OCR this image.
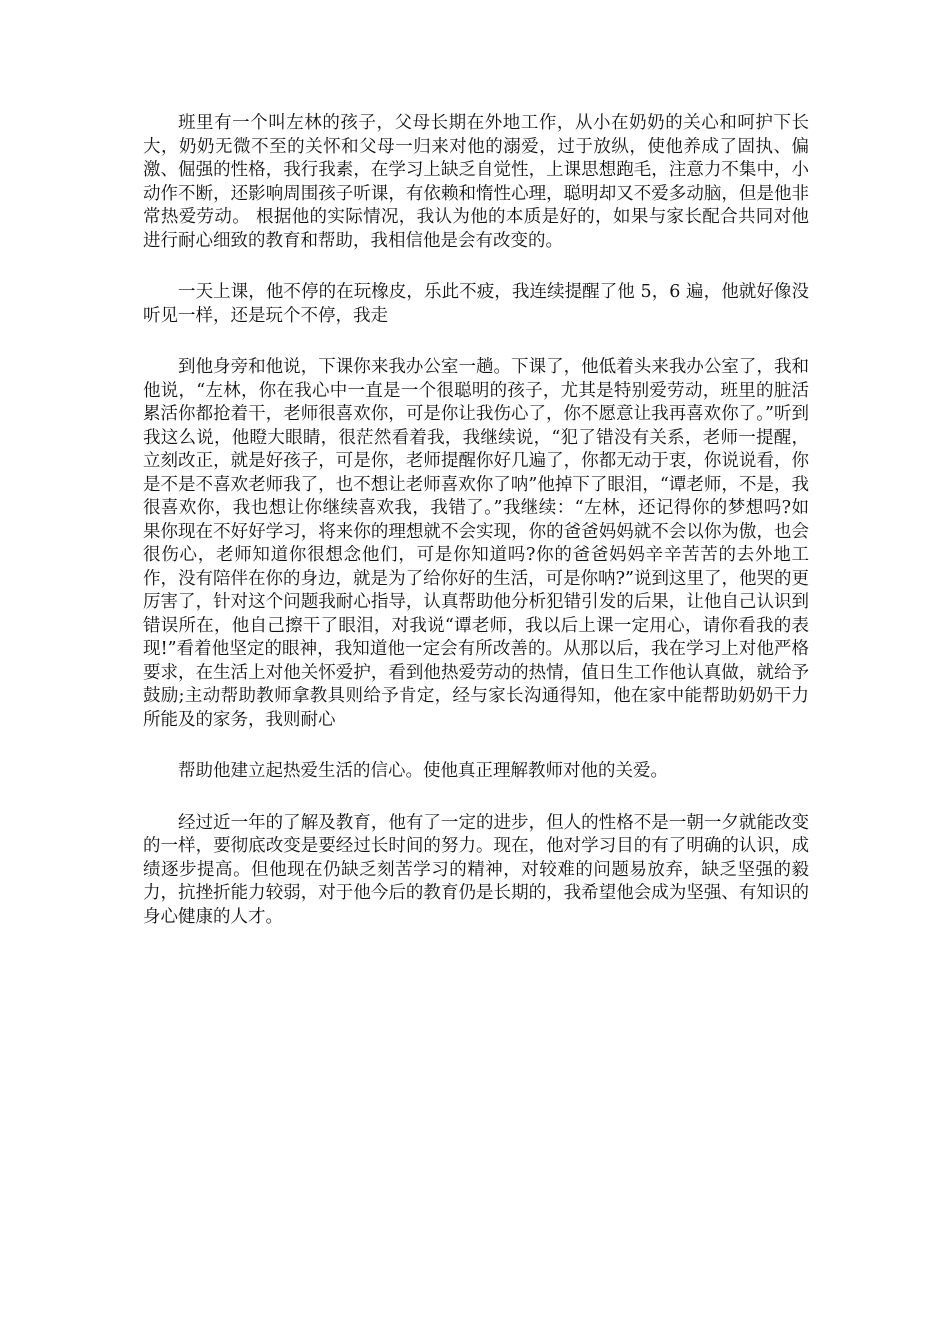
班里有一个叫左林的孩子，父母长期在外地工作，从小在奶奶的关心和呵护下长大，奶奶无微不至的关怀和父母一归来对他的溺爱，过于放纵，使他养成了固执、偏激、倔强的性格，我行我素，在学习上缺乏自觉性，上课思想跑毛，注意力不集中，小动作不断，还影响周围孩子听课，有依赖和惰性心理，聪明却又不爱多动脑，但是他非常热爱劳动。 根据他的实际情况，我认为他的本质是好的，如果与家长配合共同对他进行耐心细致的教育和帮助，我相信他是会有改变的。

一天上课，他不停的在玩橡皮，乐此不疲，我连续提醒了他 5，6 遍，他就好像没听见一样，还是玩个不停，我走

到他身旁和他说，下课你来我办公室一趟。下课了，他低着头来我办公室了，我和他说，“左林，你在我心中一直是一个很聪明的孩子，尤其是特别爱劳动，班里的脏活累活你都抢着干，老师很喜欢你，可是你让我伤心了，你不愿意让我再喜欢你了。”听到我这么说，他瞪大眼睛，很茫然看着我，我继续说，“犯了错没有关系，老师一提醒，立刻改正，就是好孩子，可是你，老师提醒你好几遍了，你都无动于衷，你说说看，你是不是不喜欢老师我了，也不想让老师喜欢你了呐”他掉下了眼泪，“谭老师，不是，我很喜欢你，我也想让你继续喜欢我，我错了。”我继续：“左林，还记得你的梦想吗?如果你现在不好好学习，将来你的理想就不会实现，你的爸爸妈妈就不会以你为傲，也会很伤心，老师知道你很想念他们，可是你知道吗?你的爸爸妈妈辛辛苦苦的去外地工作，没有陪伴在你的身边，就是为了给你好的生活，可是你呐?”说到这里了，他哭的更厉害了，针对这个问题我耐心指导，认真帮助他分析犯错引发的后果，让他自己认识到错误所在，他自己擦干了眼泪，对我说“谭老师，我以后上课一定用心，请你看我的表现!”看着他坚定的眼神，我知道他一定会有所改善的。从那以后，我在学习上对他严格要求，在生活上对他关怀爱护，看到他热爱劳动的热情，值日生工作他认真做，就给予鼓励;主动帮助教师拿教具则给予肯定，经与家长沟通得知，他在家中能帮助奶奶干力所能及的家务，我则耐心

帮助他建立起热爱生活的信心。使他真正理解教师对他的关爱。

经过近一年的了解及教育，他有了一定的进步，但人的性格不是一朝一夕就能改变的一样，要彻底改变是要经过长时间的努力。现在，他对学习目的有了明确的认识，成绩逐步提高。但他现在仍缺乏刻苦学习的精神，对较难的问题易放弃，缺乏坚强的毅力，抗挫折能力较弱，对于他今后的教育仍是长期的，我希望他会成为坚强、有知识的身心健康的人才。
